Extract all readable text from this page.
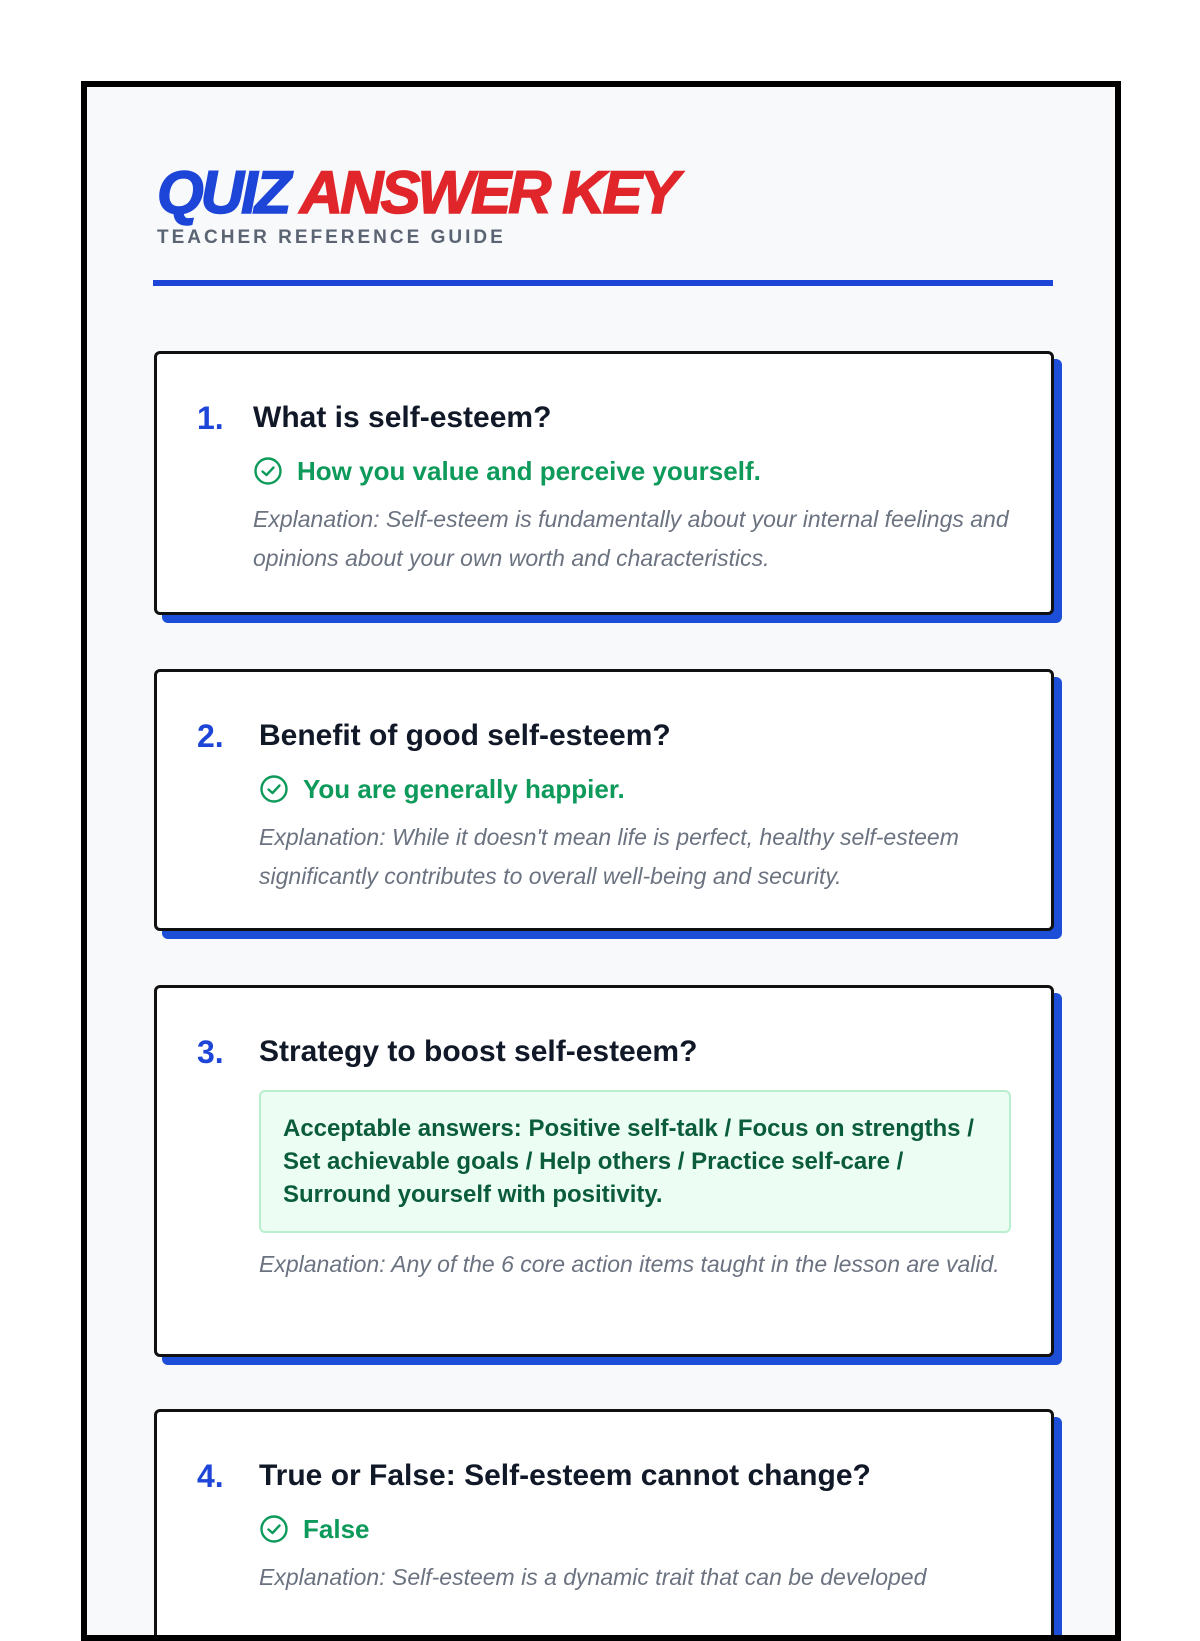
QUIZ ANSWER KEY
TEACHER REFERENCE GUIDE
1. What is self-esteem?
How you value and perceive yourself.
Explanation: Self-esteem is fundamentally about your internal feelings and opinions about your own worth and characteristics.
2. Benefit of good self-esteem?
You are generally happier.
Explanation: While it doesn't mean life is perfect, healthy self-esteem significantly contributes to overall well-being and security.
3. Strategy to boost self-esteem?
Acceptable answers: Positive self-talk / Focus on strengths / Set achievable goals / Help others / Practice self-care / Surround yourself with positivity.
Explanation: Any of the 6 core action items taught in the lesson are valid.
4. True or False: Self-esteem cannot change?
False
Explanation: Self-esteem is a dynamic trait that can be developed
